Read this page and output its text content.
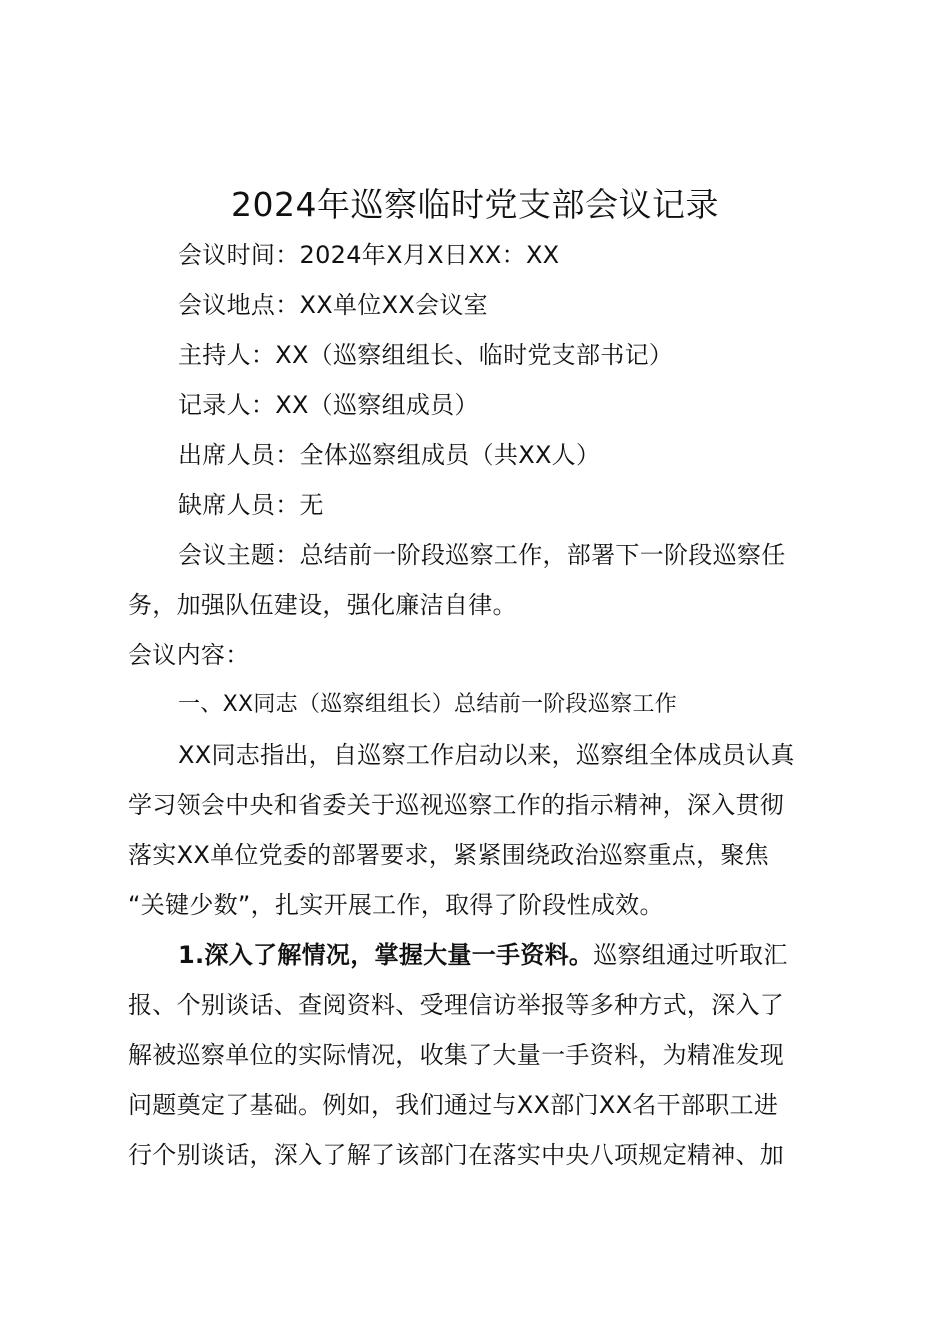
2024年巡察临时党支部会议记录
会议时间：2024年X月X日XX：XX
会议地点：XX单位XX会议室
主持人：XX（巡察组组长、临时党支部书记）
记录人：XX（巡察组成员）
出席人员：全体巡察组成员（共XX人）
缺席人员：无
会议主题：总结前一阶段巡察工作，部署下一阶段巡察任
务，加强队伍建设，强化廉洁自律。
会议内容：
一、XX同志（巡察组组长）总结前一阶段巡察工作
XX同志指出，自巡察工作启动以来，巡察组全体成员认真
学习领会中央和省委关于巡视巡察工作的指示精神，深入贯彻
落实XX单位党委的部署要求，紧紧围绕政治巡察重点，聚焦
“关键少数”，扎实开展工作，取得了阶段性成效。
1.深入了解情况，掌握大量一手资料。巡察组通过听取汇
报、个别谈话、查阅资料、受理信访举报等多种方式，深入了
解被巡察单位的实际情况，收集了大量一手资料，为精准发现
问题奠定了基础。例如，我们通过与XX部门XX名干部职工进
行个别谈话，深入了解了该部门在落实中央八项规定精神、加
